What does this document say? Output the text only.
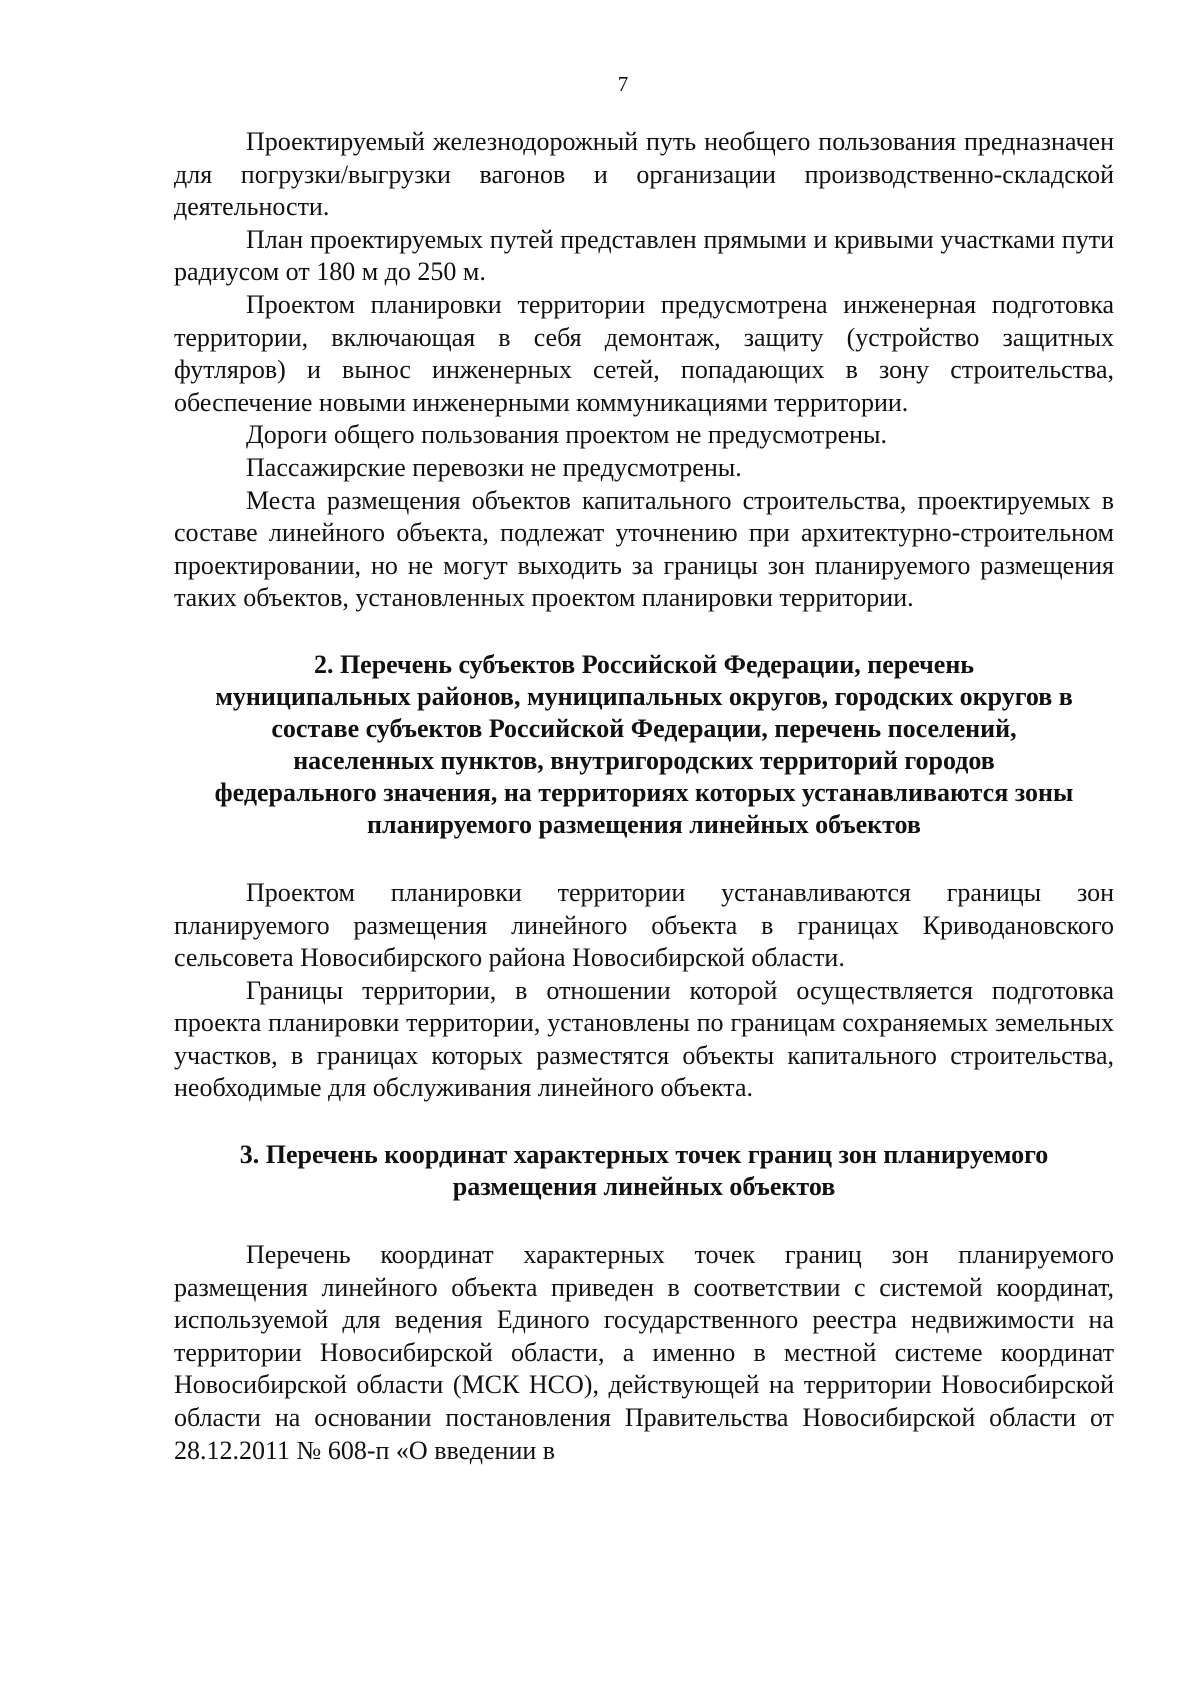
7

Проектируемый железнодорожный путь необщего пользования предназначен для погрузки/выгрузки вагонов и организации производственно-складской деятельности.

План проектируемых путей представлен прямыми и кривыми участками пути радиусом от 180 м до 250 м.

Проектом планировки территории предусмотрена инженерная подготовка территории, включающая в себя демонтаж, защиту (устройство защитных футляров) и вынос инженерных сетей, попадающих в зону строительства, обеспечение новыми инженерными коммуникациями территории.

Дороги общего пользования проектом не предусмотрены.

Пассажирские перевозки не предусмотрены.

Места размещения объектов капитального строительства, проектируемых в составе линейного объекта, подлежат уточнению при архитектурно-строительном проектировании, но не могут выходить за границы зон планируемого размещения таких объектов, установленных проектом планировки территории.

2. Перечень субъектов Российской Федерации, перечень
муниципальных районов, муниципальных округов, городских округов в
составе субъектов Российской Федерации, перечень поселений,
населенных пунктов, внутригородских территорий городов
федерального значения, на территориях которых устанавливаются зоны
планируемого размещения линейных объектов

Проектом планировки территории устанавливаются границы зон планируемого размещения линейного объекта в границах Криводановского сельсовета Новосибирского района Новосибирской области.

Границы территории, в отношении которой осуществляется подготовка проекта планировки территории, установлены по границам сохраняемых земельных участков, в границах которых разместятся объекты капитального строительства, необходимые для обслуживания линейного объекта.

3. Перечень координат характерных точек границ зон планируемого
размещения линейных объектов

Перечень координат характерных точек границ зон планируемого размещения линейного объекта приведен в соответствии с системой координат, используемой для ведения Единого государственного реестра недвижимости на территории Новосибирской области, а именно в местной системе координат Новосибирской области (МСК НСО), действующей на территории Новосибирской области на основании постановления Правительства Новосибирской области от 28.12.2011 № 608-п «О введении в
